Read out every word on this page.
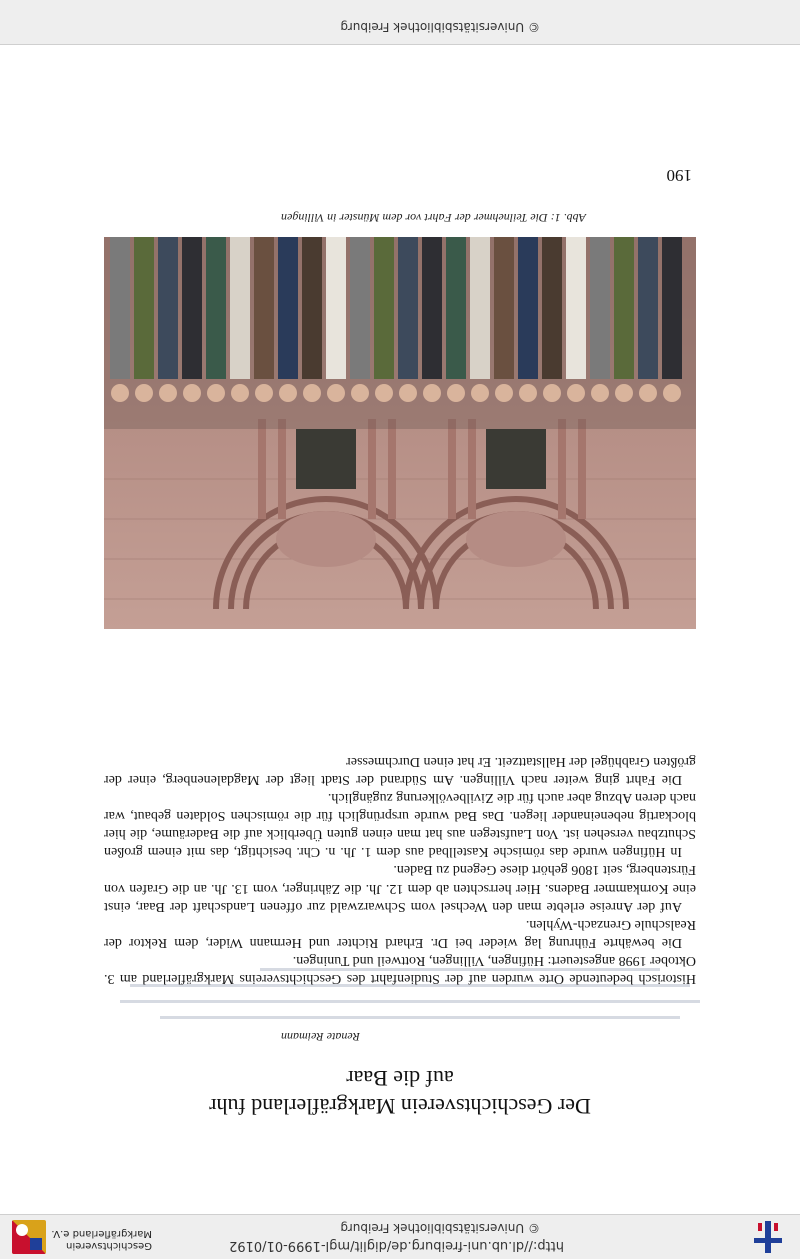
http://dl.ub.uni-freiburg.de/diglit/mgl-1999-01/0192
© Universitätsbibliothek Freiburg
Geschichtsverein
Markgräflerland e.V.
Der Geschichtsverein Markgräflerland fuhr
auf die Baar
Renate Reimann

Historisch bedeutende Orte wurden auf der Studienfahrt des Geschichtsvereins Markgräflerland am 3. Oktober 1998 angesteuert: Hüfingen, Villingen, Rottweil und Tuningen.

Die bewährte Führung lag wieder bei Dr. Erhard Richter und Hermann Wider, dem Rektor der Realschule Grenzach-Wyhlen.

Auf der Anreise erlebte man den Wechsel vom Schwarzwald zur offenen Landschaft der Baar, einst eine Kornkammer Badens. Hier herrschten ab dem 12. Jh. die Zähringer, vom 13. Jh. an die Grafen von Fürstenberg, seit 1806 gehört diese Gegend zu Baden.

In Hüfingen wurde das römische Kastellbad aus dem 1. Jh. n. Chr. besichtigt, das mit einem großen Schutzbau versehen ist. Von Laufstegen aus hat man einen guten Überblick auf die Baderäume, die hier blockartig nebeneinander liegen. Das Bad wurde ursprünglich für die römischen Soldaten gebaut, war nach deren Abzug aber auch für die Zivilbevölkerung zugänglich.

Die Fahrt ging weiter nach Villingen. Am Südrand der Stadt liegt der Magdalenenberg, einer der größten Grabhügel der Hallstattzeit. Er hat einen Durchmesser

Abb. 1: Die Teilnehmer der Fahrt vor dem Münster in Villingen
190
© Universitätsbibliothek Freiburg
